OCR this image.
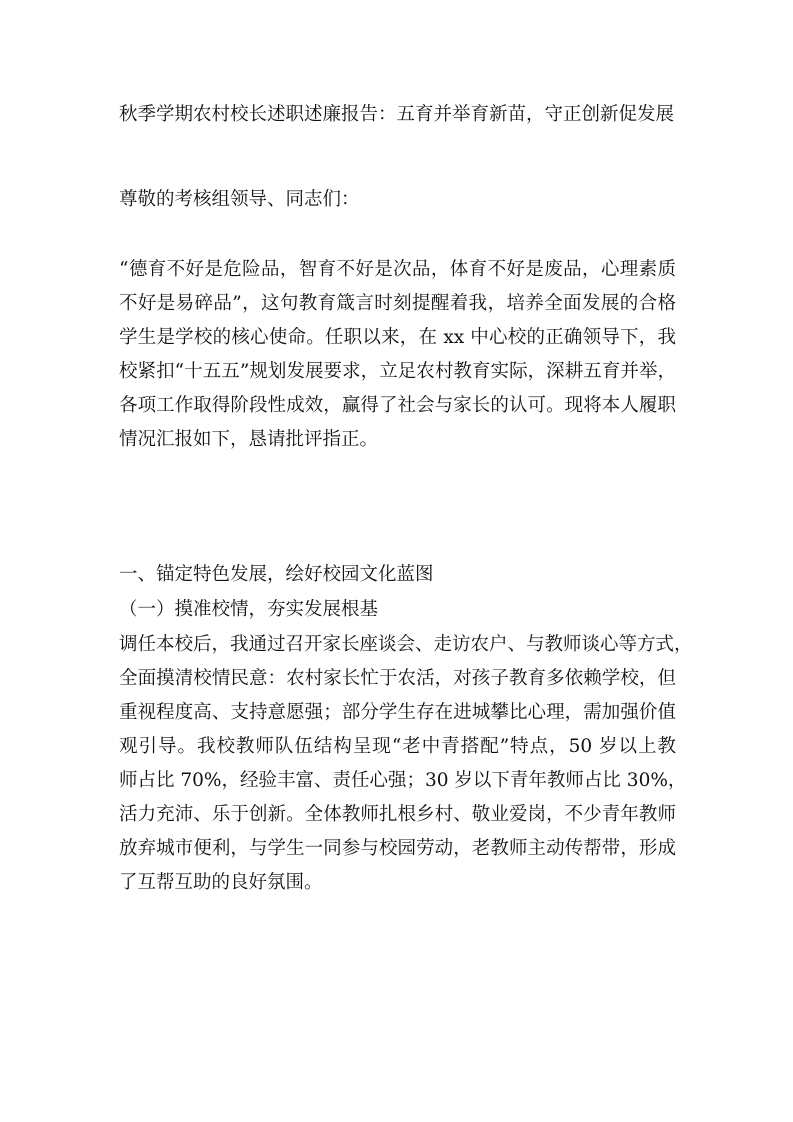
秋季学期农村校长述职述廉报告：五育并举育新苗，守正创新促发展
尊敬的考核组领导、同志们：
“德育不好是危险品，智育不好是次品，体育不好是废品，心理素质
不好是易碎品”，这句教育箴言时刻提醒着我，培养全面发展的合格
学生是学校的核心使命。任职以来，在 xx 中心校的正确领导下，我
校紧扣“十五五”规划发展要求，立足农村教育实际，深耕五育并举，
各项工作取得阶段性成效，赢得了社会与家长的认可。现将本人履职
情况汇报如下，恳请批评指正。
一、锚定特色发展，绘好校园文化蓝图
（一）摸准校情，夯实发展根基
调任本校后，我通过召开家长座谈会、走访农户、与教师谈心等方式，
全面摸清校情民意：农村家长忙于农活，对孩子教育多依赖学校，但
重视程度高、支持意愿强；部分学生存在进城攀比心理，需加强价值
观引导。我校教师队伍结构呈现“老中青搭配”特点，50 岁以上教
师占比 70%，经验丰富、责任心强；30 岁以下青年教师占比 30%，
活力充沛、乐于创新。全体教师扎根乡村、敬业爱岗，不少青年教师
放弃城市便利，与学生一同参与校园劳动，老教师主动传帮带，形成
了互帮互助的良好氛围。
